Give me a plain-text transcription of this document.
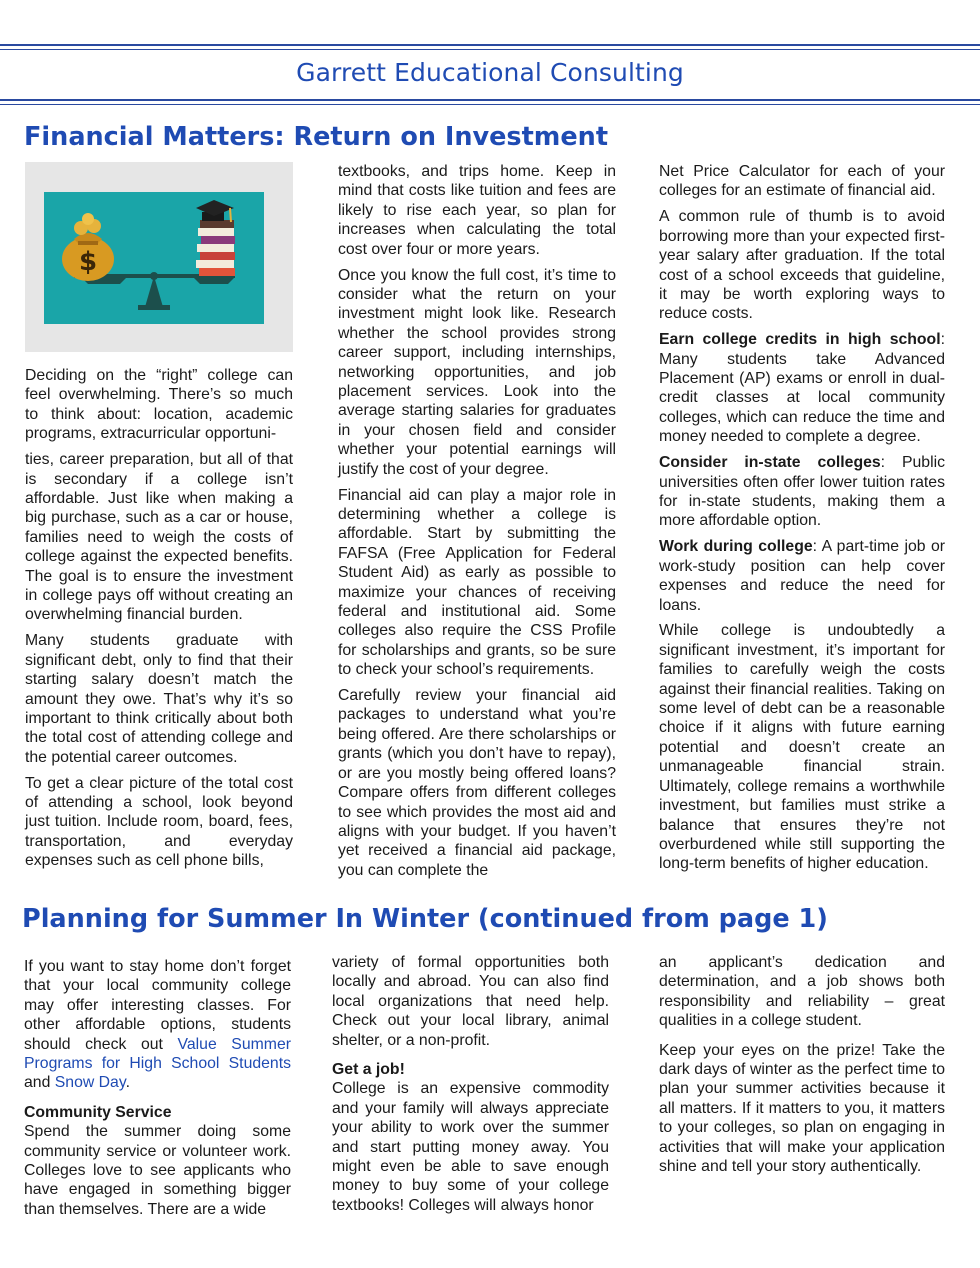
Garrett Educational Consulting
Financial Matters: Return on Investment
$

Deciding on the “right” college can feel overwhelming. There’s so much to think about: location, academic programs, extracurricular opportuni-

ties, career preparation, but all of that is secondary if a college isn’t affordable. Just like when making a big purchase, such as a car or house, families need to weigh the costs of college against the expected benefits. The goal is to ensure the investment in college pays off without creating an overwhelming financial burden.

Many students graduate with significant debt, only to find that their starting salary doesn’t match the amount they owe. That’s why it’s so important to think critically about both the total cost of attending college and the potential career outcomes.

To get a clear picture of the total cost of attending a school, look beyond just tuition. Include room, board, fees, transportation, and everyday expenses such as cell phone bills,

textbooks, and trips home. Keep in mind that costs like tuition and fees are likely to rise each year, so plan for increases when calculating the total cost over four or more years.

Once you know the full cost, it’s time to consider what the return on your investment might look like. Research whether the school provides strong career support, including internships, networking opportunities, and job placement services. Look into the average starting salaries for graduates in your chosen field and consider whether your potential earnings will justify the cost of your degree.

Financial aid can play a major role in determining whether a college is affordable. Start by submitting the FAFSA (Free Application for Federal Student Aid) as early as possible to maximize your chances of receiving federal and institutional aid. Some colleges also require the CSS Profile for scholarships and grants, so be sure to check your school’s requirements.

Carefully review your financial aid packages to understand what you’re being offered. Are there scholarships or grants (which you don’t have to repay), or are you mostly being offered loans? Compare offers from different colleges to see which provides the most aid and aligns with your budget. If you haven’t yet received a financial aid package, you can complete the

Net Price Calculator for each of your colleges for an estimate of financial aid.

A common rule of thumb is to avoid borrowing more than your expected first-year salary after graduation. If the total cost of a school exceeds that guideline, it may be worth exploring ways to reduce costs.

Earn college credits in high school: Many students take Advanced Placement (AP) exams or enroll in dual-credit classes at local community colleges, which can reduce the time and money needed to complete a degree.

Consider in-state colleges: Public universities often offer lower tuition rates for in-state students, making them a more affordable option.

Work during college: A part-time job or work-study position can help cover expenses and reduce the need for loans.

While college is undoubtedly a significant investment, it’s important for families to carefully weigh the costs against their financial realities. Taking on some level of debt can be a reasonable choice if it aligns with future earning potential and doesn’t create an unmanageable financial strain. Ultimately, college remains a worthwhile investment, but families must strike a balance that ensures they’re not overburdened while still supporting the long-term benefits of higher education.

Planning for Summer In Winter (continued from page 1)

If you want to stay home don’t forget that your local community college may offer interesting classes. For other affordable options, students should check out Value Summer Programs for High School Students and Snow Day.

Community Service

Spend the summer doing some community service or volunteer work. Colleges love to see applicants who have engaged in something bigger than themselves. There are a wide

variety of formal opportunities both locally and abroad. You can also find local organizations that need help. Check out your local library, animal shelter, or a non-profit.

Get a job!

College is an expensive commodity and your family will always appreciate your ability to work over the summer and start putting money away. You might even be able to save enough money to buy some of your college textbooks! Colleges will always honor

an applicant’s dedication and determination, and a job shows both responsibility and reliability – great qualities in a college student.

Keep your eyes on the prize! Take the dark days of winter as the perfect time to plan your summer activities because it all matters. If it matters to you, it matters to your colleges, so plan on engaging in activities that will make your application shine and tell your story authentically.
